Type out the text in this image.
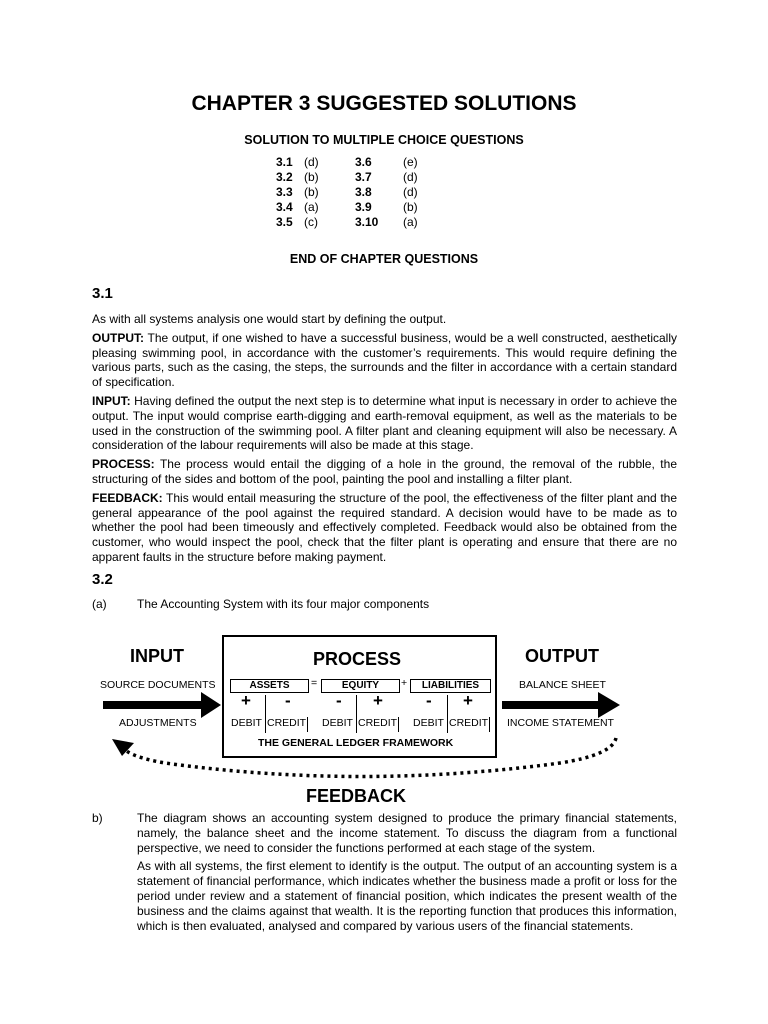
CHAPTER 3 SUGGESTED SOLUTIONS
SOLUTION TO MULTIPLE CHOICE QUESTIONS
3.1 (d)	3.6	(e)
3.2 (b)	3.7	(d)
3.3 (b)	3.8	(d)
3.4 (a)	3.9	(b)
3.5 (c)	3.10	(a)
END OF CHAPTER QUESTIONS
3.1
As with all systems analysis one would start by defining the output.
OUTPUT: The output, if one wished to have a successful business, would be a well constructed, aesthetically pleasing swimming pool, in accordance with the customer’s requirements. This would require defining the various parts, such as the casing, the steps, the surrounds and the filter in accordance with a certain standard of specification.
INPUT: Having defined the output the next step is to determine what input is necessary in order to achieve the output. The input would comprise earth-digging and earth-removal equipment, as well as the materials to be used in the construction of the swimming pool. A filter plant and cleaning equipment will also be necessary. A consideration of the labour requirements will also be made at this stage.
PROCESS: The process would entail the digging of a hole in the ground, the removal of the rubble, the structuring of the sides and bottom of the pool, painting the pool and installing a filter plant.
FEEDBACK: This would entail measuring the structure of the pool, the effectiveness of the filter plant and the general appearance of the pool against the required standard. A decision would have to be made as to whether the pool had been timeously and effectively completed. Feedback would also be obtained from the customer, who would inspect the pool, check that the filter plant is operating and ensure that there are no apparent faults in the structure before making payment.
3.2
(a)	The Accounting System with its four major components
INPUT
SOURCE DOCUMENTS
ADJUSTMENTS
PROCESS
ASSETS	=	EQUITY	+	LIABILITIES
+ -	- +	- +
DEBIT CREDIT DEBIT CREDIT DEBIT CREDIT
THE GENERAL LEDGER FRAMEWORK
OUTPUT
BALANCE SHEET
INCOME STATEMENT
FEEDBACK
b)	The diagram shows an accounting system designed to produce the primary financial statements, namely, the balance sheet and the income statement. To discuss the diagram from a functional perspective, we need to consider the functions performed at each stage of the system.
As with all systems, the first element to identify is the output. The output of an accounting system is a statement of financial performance, which indicates whether the business made a profit or loss for the period under review and a statement of financial position, which indicates the present wealth of the business and the claims against that wealth. It is the reporting function that produces this information, which is then evaluated, analysed and compared by various users of the financial statements.
